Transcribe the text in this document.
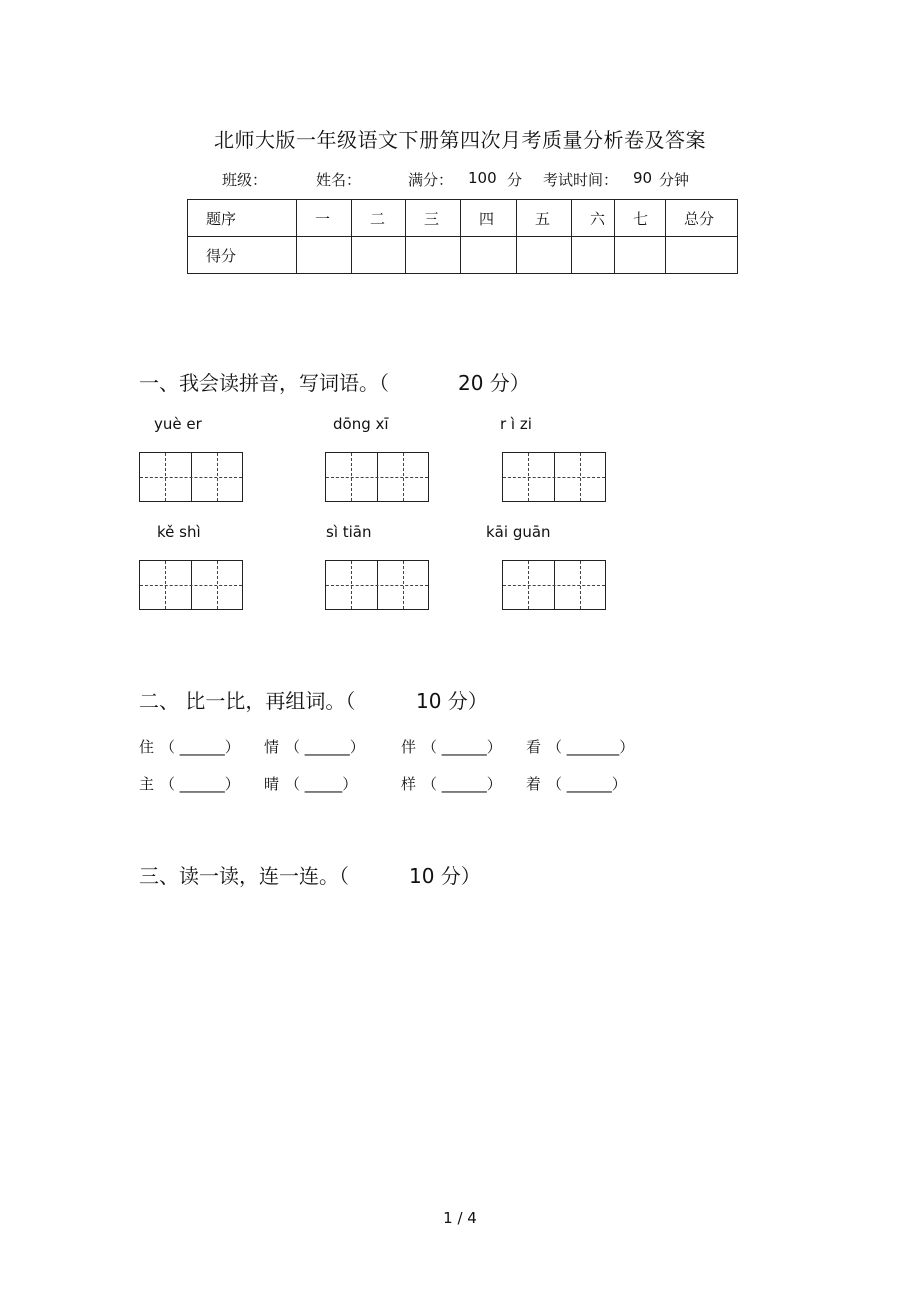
北师大版一年级语文下册第四次月考质量分析卷及答案
班级：	姓名：	满分： 100 分 考试时间： 90 分钟
题序	一	二	三	四	五	六	七	总分
得分								
一、我会读拼音，写词语。（	20 分）
yuè er	dōng xī	r ì zi
kě shì	sì tiān	kāi guān
二、 比一比，再组词。（	10 分）
住 （ ______） 情 （ ______） 伴 （ ______） 看 （ _______）
主 （ ______） 晴 （ _____）	样 （ ______） 着 （ ______）
三、读一读，连一连。（	10 分）
1 / 4
